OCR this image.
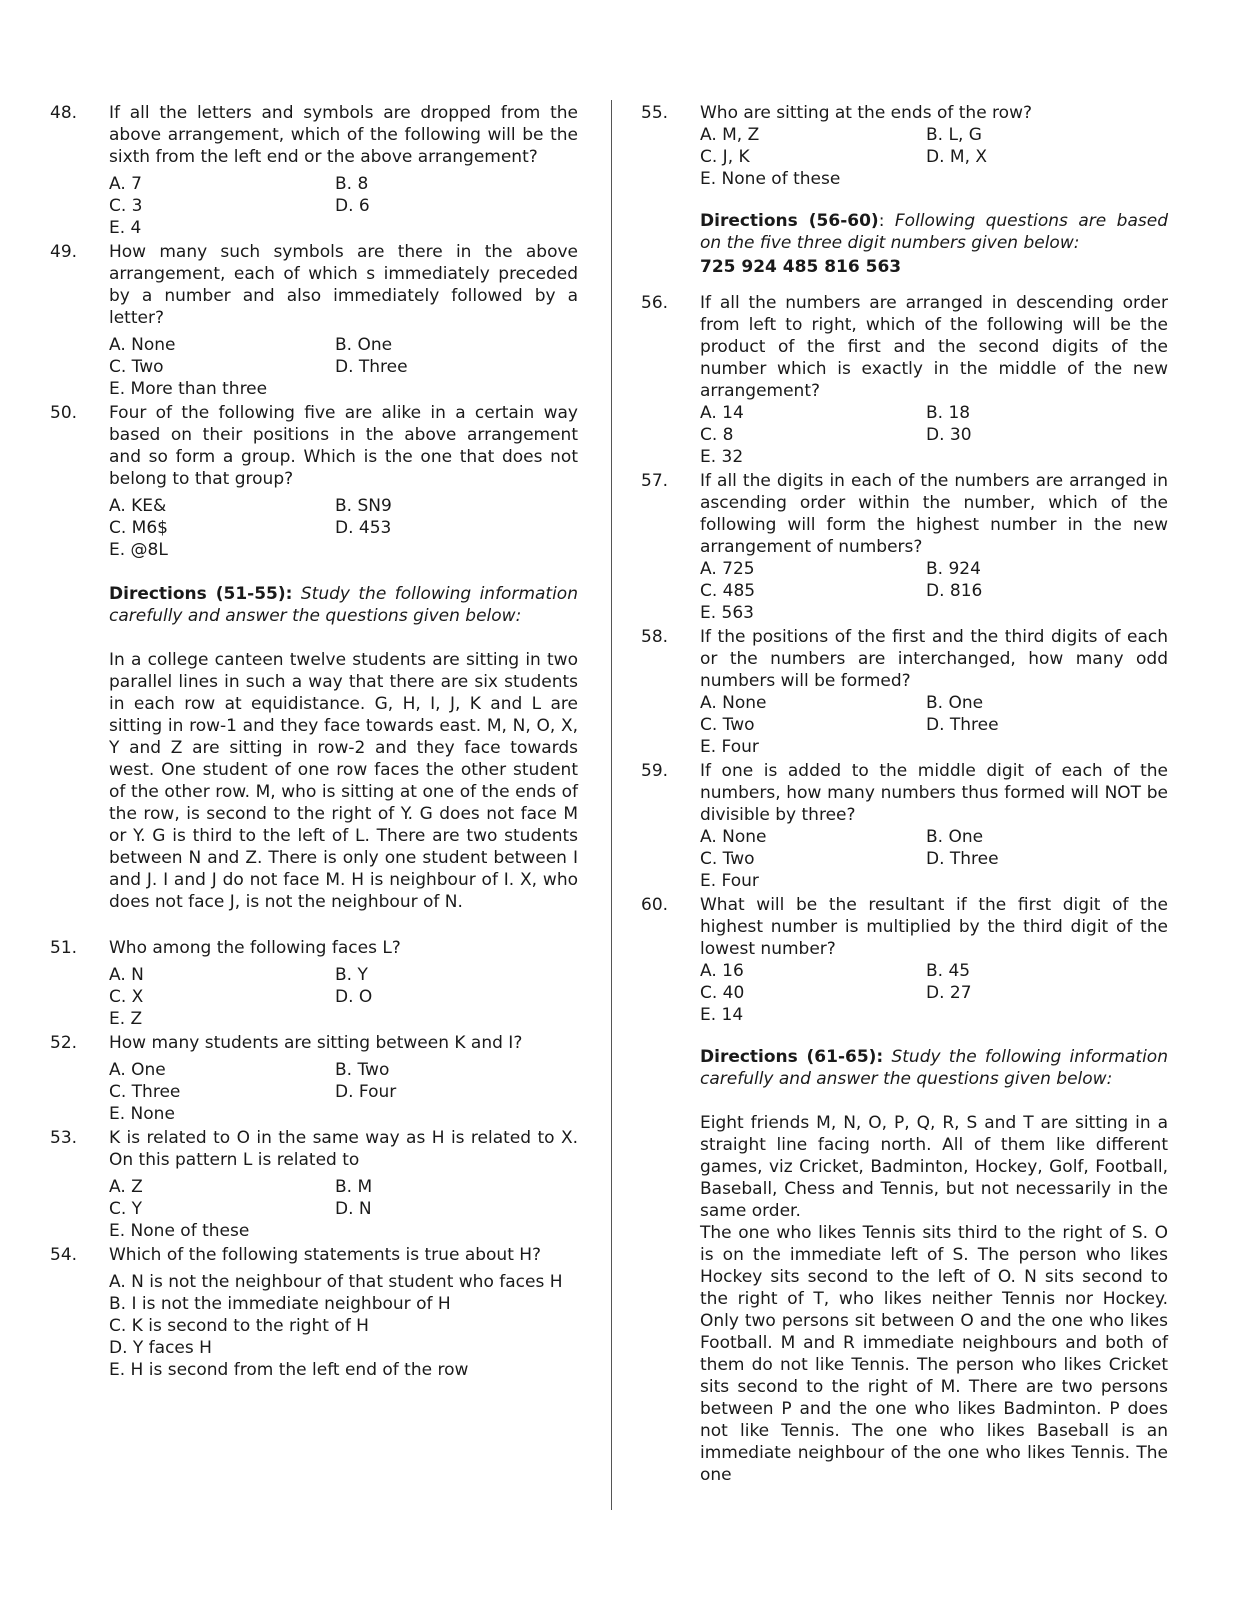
48.	If all the letters and symbols are dropped from the above arrangement, which of the following will be the sixth from the left end or the above arrangement?
A. 7	B. 8
C. 3	D. 6
E. 4
49.	How many such symbols are there in the above arrangement, each of which s immediately preceded by a number and also immediately followed by a letter?
A. None	B. One
C. Two	D. Three
E. More than three
50.	Four of the following five are alike in a certain way based on their positions in the above arrangement and so form a group. Which is the one that does not belong to that group?
A. KE&	B. SN9
C. M6$	D. 453
E. @8L
Directions (51-55): Study the following information carefully and answer the questions given below:
In a college canteen twelve students are sitting in two parallel lines in such a way that there are six students in each row at equidistance. G, H, I, J, K and L are sitting in row-1 and they face towards east. M, N, O, X, Y and Z are sitting in row-2 and they face towards west. One student of one row faces the other student of the other row. M, who is sitting at one of the ends of the row, is second to the right of Y. G does not face M or Y. G is third to the left of L. There are two students between N and Z. There is only one student between I and J. I and J do not face M. H is neighbour of I. X, who does not face J, is not the neighbour of N.
51.	Who among the following faces L?
A. N	B. Y
C. X	D. O
E. Z
52.	How many students are sitting between K and I?
A. One	B. Two
C. Three	D. Four
E. None
53.	K is related to O in the same way as H is related to X. On this pattern L is related to
A. Z	B. M
C. Y	D. N
E. None of these
54.	Which of the following statements is true about H?
A. N is not the neighbour of that student who faces H
B. I is not the immediate neighbour of H
C. K is second to the right of H
D. Y faces H
E. H is second from the left end of the row
55.	Who are sitting at the ends of the row?
A. M, Z	B. L, G
C. J, K	D. M, X
E. None of these
Directions (56-60): Following questions are based on the five three digit numbers given below:
725 924 485 816 563
56.	If all the numbers are arranged in descending order from left to right, which of the following will be the product of the first and the second digits of the number which is exactly in the middle of the new arrangement?
A. 14	B. 18
C. 8	D. 30
E. 32
57.	If all the digits in each of the numbers are arranged in ascending order within the number, which of the following will form the highest number in the new arrangement of numbers?
A. 725	B. 924
C. 485	D. 816
E. 563
58.	If the positions of the first and the third digits of each or the numbers are interchanged, how many odd numbers will be formed?
A. None	B. One
C. Two	D. Three
E. Four
59.	If one is added to the middle digit of each of the numbers, how many numbers thus formed will NOT be divisible by three?
A. None	B. One
C. Two	D. Three
E. Four
60.	What will be the resultant if the first digit of the highest number is multiplied by the third digit of the lowest number?
A. 16	B. 45
C. 40	D. 27
E. 14
Directions (61-65): Study the following information carefully and answer the questions given below:
Eight friends M, N, O, P, Q, R, S and T are sitting in a straight line facing north. All of them like different games, viz Cricket, Badminton, Hockey, Golf, Football, Baseball, Chess and Tennis, but not necessarily in the same order.
The one who likes Tennis sits third to the right of S. O is on the immediate left of S. The person who likes Hockey sits second to the left of O. N sits second to the right of T, who likes neither Tennis nor Hockey. Only two persons sit between O and the one who likes Football. M and R immediate neighbours and both of them do not like Tennis. The person who likes Cricket sits second to the right of M. There are two persons between P and the one who likes Badminton. P does not like Tennis. The one who likes Baseball is an immediate neighbour of the one who likes Tennis. The one
